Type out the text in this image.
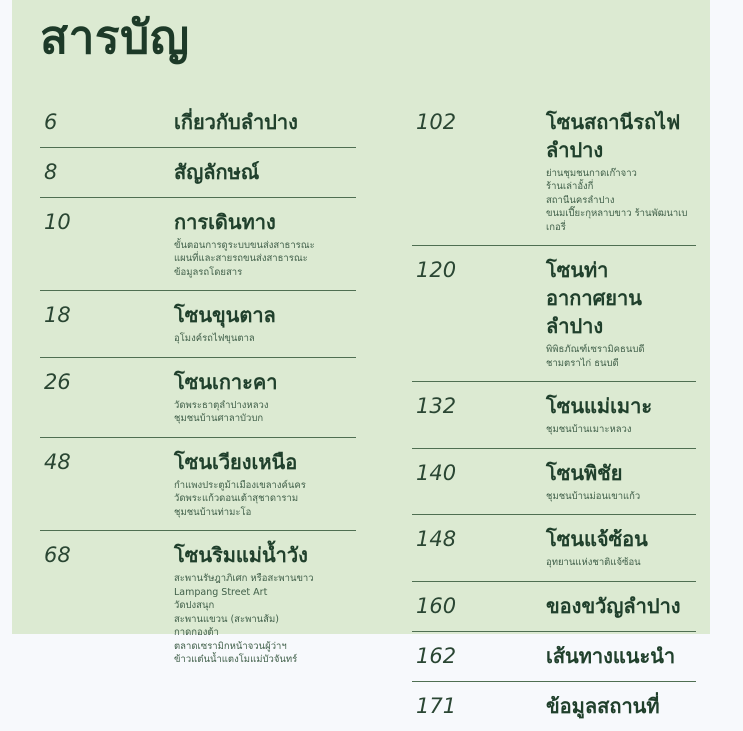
สารบัญ
6	เกี่ยวกับลำปาง
8	สัญลักษณ์
10	การเดินทาง
ขั้นตอนการดูระบบขนส่งสาธารณะ
แผนที่และสายรถขนส่งสาธารณะ
ข้อมูลรถโดยสาร
18	โซนขุนตาล
อุโมงค์รถไฟขุนตาล
26	โซนเกาะคา
วัดพระธาตุลำปางหลวง
ชุมชนบ้านศาลาบัวบก
48	โซนเวียงเหนือ
กำแพงประตูม้าเมืองเขลางค์นคร
วัดพระแก้วดอนเต้าสุชาดาราม
ชุมชนบ้านท่ามะโอ
68	โซนริมแม่น้ำวัง
สะพานรัษฎาภิเศก หรือสะพานขาว
Lampang Street Art
วัดปงสนุก
สะพานแขวน (สะพานส้ม)
กาดกองต้า
ตลาดเซรามิกหน้าจวนผู้ว่าฯ
ข้าวแต๋นน้ำแตงโมแม่บัวจันทร์
102	โซนสถานีรถไฟลำปาง
ย่านชุมชนกาดเก๊าจาว
ร้านเล่าอั้งกี่
สถานีนครลำปาง
ขนมเปี๊ยะกุหลาบขาว ร้านพัฒนาเบเกอรี่
120	โซนท่าอากาศยานลำปาง
พิพิธภัณฑ์เซรามิคธนบดี
ชามตราไก่ ธนบดี
132	โซนแม่เมาะ
ชุมชนบ้านเมาะหลวง
140	โซนพิชัย
ชุมชนบ้านม่อนเขาแก้ว
148	โซนแจ้ซ้อน
อุทยานแห่งชาติแจ้ซ้อน
160	ของขวัญลำปาง
162	เส้นทางแนะนำ
171	ข้อมูลสถานที่
